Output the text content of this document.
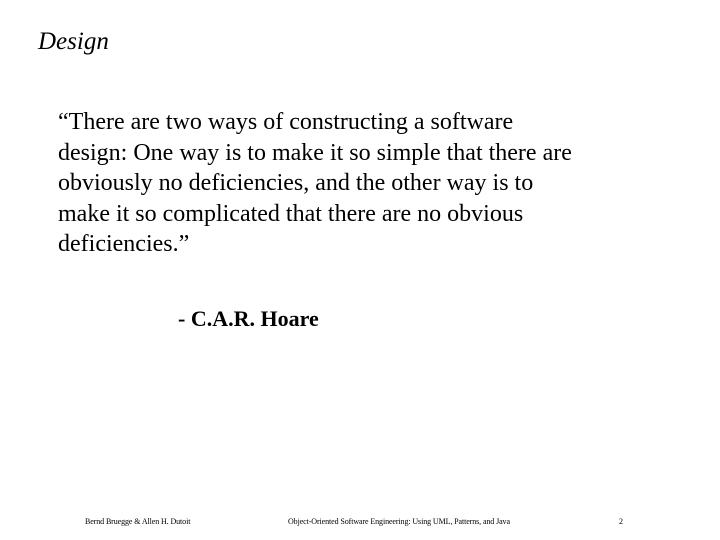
Design
“There are two ways of constructing a software
design: One way is to make it so simple that there are
obviously no deficiencies, and the other way is to
make it so complicated that there are no obvious
deficiencies.”
- C.A.R. Hoare
Bernd Bruegge & Allen H. Dutoit	Object-Oriented Software Engineering: Using UML, Patterns, and Java	2
